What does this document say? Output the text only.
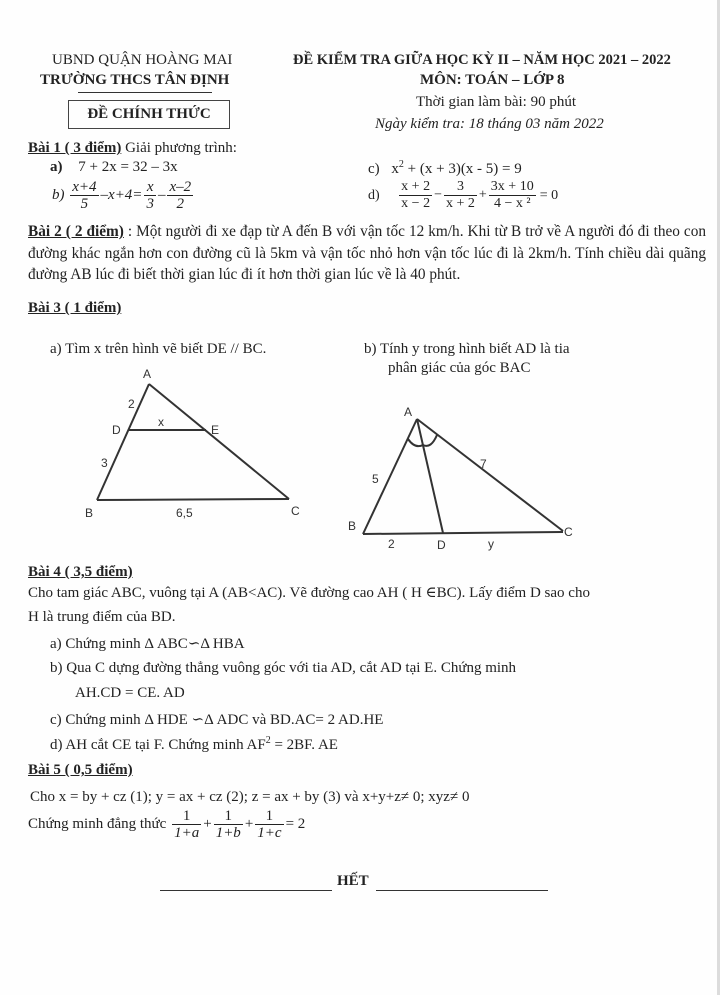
UBND QUẬN HOÀNG MAI
TRƯỜNG THCS TÂN ĐỊNH
ĐỀ CHÍNH THỨC
ĐỀ KIỂM TRA GIỮA HỌC KỲ II – NĂM HỌC 2021 – 2022
MÔN: TOÁN – LỚP 8
Thời gian làm bài: 90 phút
Ngày kiểm tra: 18 tháng 03 năm 2022
Bài 1 ( 3 điểm) Giải phương trình:
a) 7 + 2x = 32 – 3x
$b) \frac{x+4}{5} -x+4= \frac{x}{3} - \frac{x-2}{2}$
c) $x^2 + (x + 3)(x - 5) = 9$
$d) \frac{x + 2}{x - 2} - \frac{3}{x + 2} + \frac{3x + 10}{\text{4 − x ²}} = 0$
Bài 2 ( 2 điểm) : Một người đi xe đạp từ A đến B với vận tốc 12 km/h. Khi từ B trở về A người đó đi theo con đường khác ngắn hơn con đường cũ là 5km và vận tốc nhỏ hơn vận tốc lúc đi là 2km/h. Tính chiều dài quãng đường AB lúc đi biết thời gian lúc đi ít hơn thời gian lúc về là 40 phút.
Bài 3 ( 1 điểm)
a) Tìm x trên hình vẽ biết DE // BC.	b) Tính y trong hình biết AD là tia
phân giác của góc BAC
A
D	E
B	C
2
3
x
6,5
A
B	C
D
5
7
2	y
Bài 4 ( 3,5 điểm)
Cho tam giác ABC, vuông tại A (AB<AC). Vẽ đường cao AH ( H ∈BC). Lấy điểm D sao cho
H là trung điểm của BD.
a) Chứng minh Δ ABC∽Δ HBA
b) Qua C dựng đường thẳng vuông góc với tia AD, cắt AD tại E. Chứng minh
AH.CD = CE. AD
c) Chứng minh Δ HDE ∽Δ ADC và BD.AC= 2 AD.HE
d) AH cắt CE tại F. Chứng minh $AF^2 = 2BF$. AE
Bài 5 ( 0,5 điểm)
Cho x = by + cz (1); y = ax + cz (2); z = ax + by (3) và x+y+z≠ 0; xyz≠ 0
Chứng minh đẳng thức $\frac{1}{1+a} + \frac{1}{1+b} + \frac{1}{1+c} = 2$
HẾT
